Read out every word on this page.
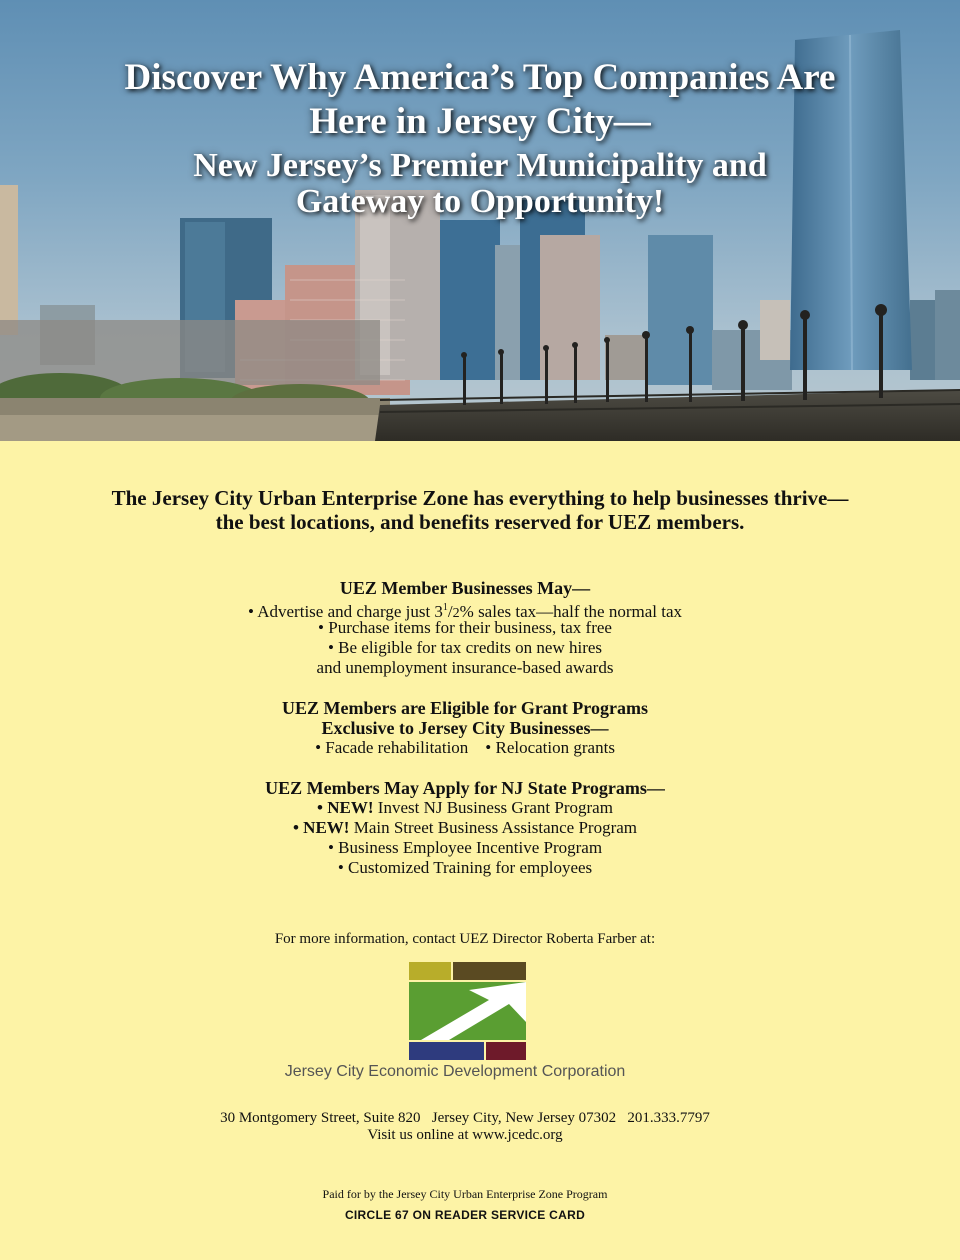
Discover Why America’s Top Companies Are
Here in Jersey City—
New Jersey’s Premier Municipality and
Gateway to Opportunity!
The Jersey City Urban Enterprise Zone has everything to help businesses thrive—
the best locations, and benefits reserved for UEZ members.
UEZ Member Businesses May—
• Advertise and charge just $3^1/2\%$ sales tax—half the normal tax
• Purchase items for their business, tax free
• Be eligible for tax credits on new hires
and unemployment insurance-based awards
UEZ Members are Eligible for Grant Programs
Exclusive to Jersey City Businesses—
• Facade rehabilitation    • Relocation grants
UEZ Members May Apply for NJ State Programs—
• NEW! Invest NJ Business Grant Program
• NEW! Main Street Business Assistance Program
• Business Employee Incentive Program
• Customized Training for employees
For more information, contact UEZ Director Roberta Farber at:
Jersey City Economic Development Corporation
30 Montgomery Street, Suite 820   Jersey City, New Jersey 07302   201.333.7797
Visit us online at www.jcedc.org
Paid for by the Jersey City Urban Enterprise Zone Program
CIRCLE 67 ON READER SERVICE CARD
